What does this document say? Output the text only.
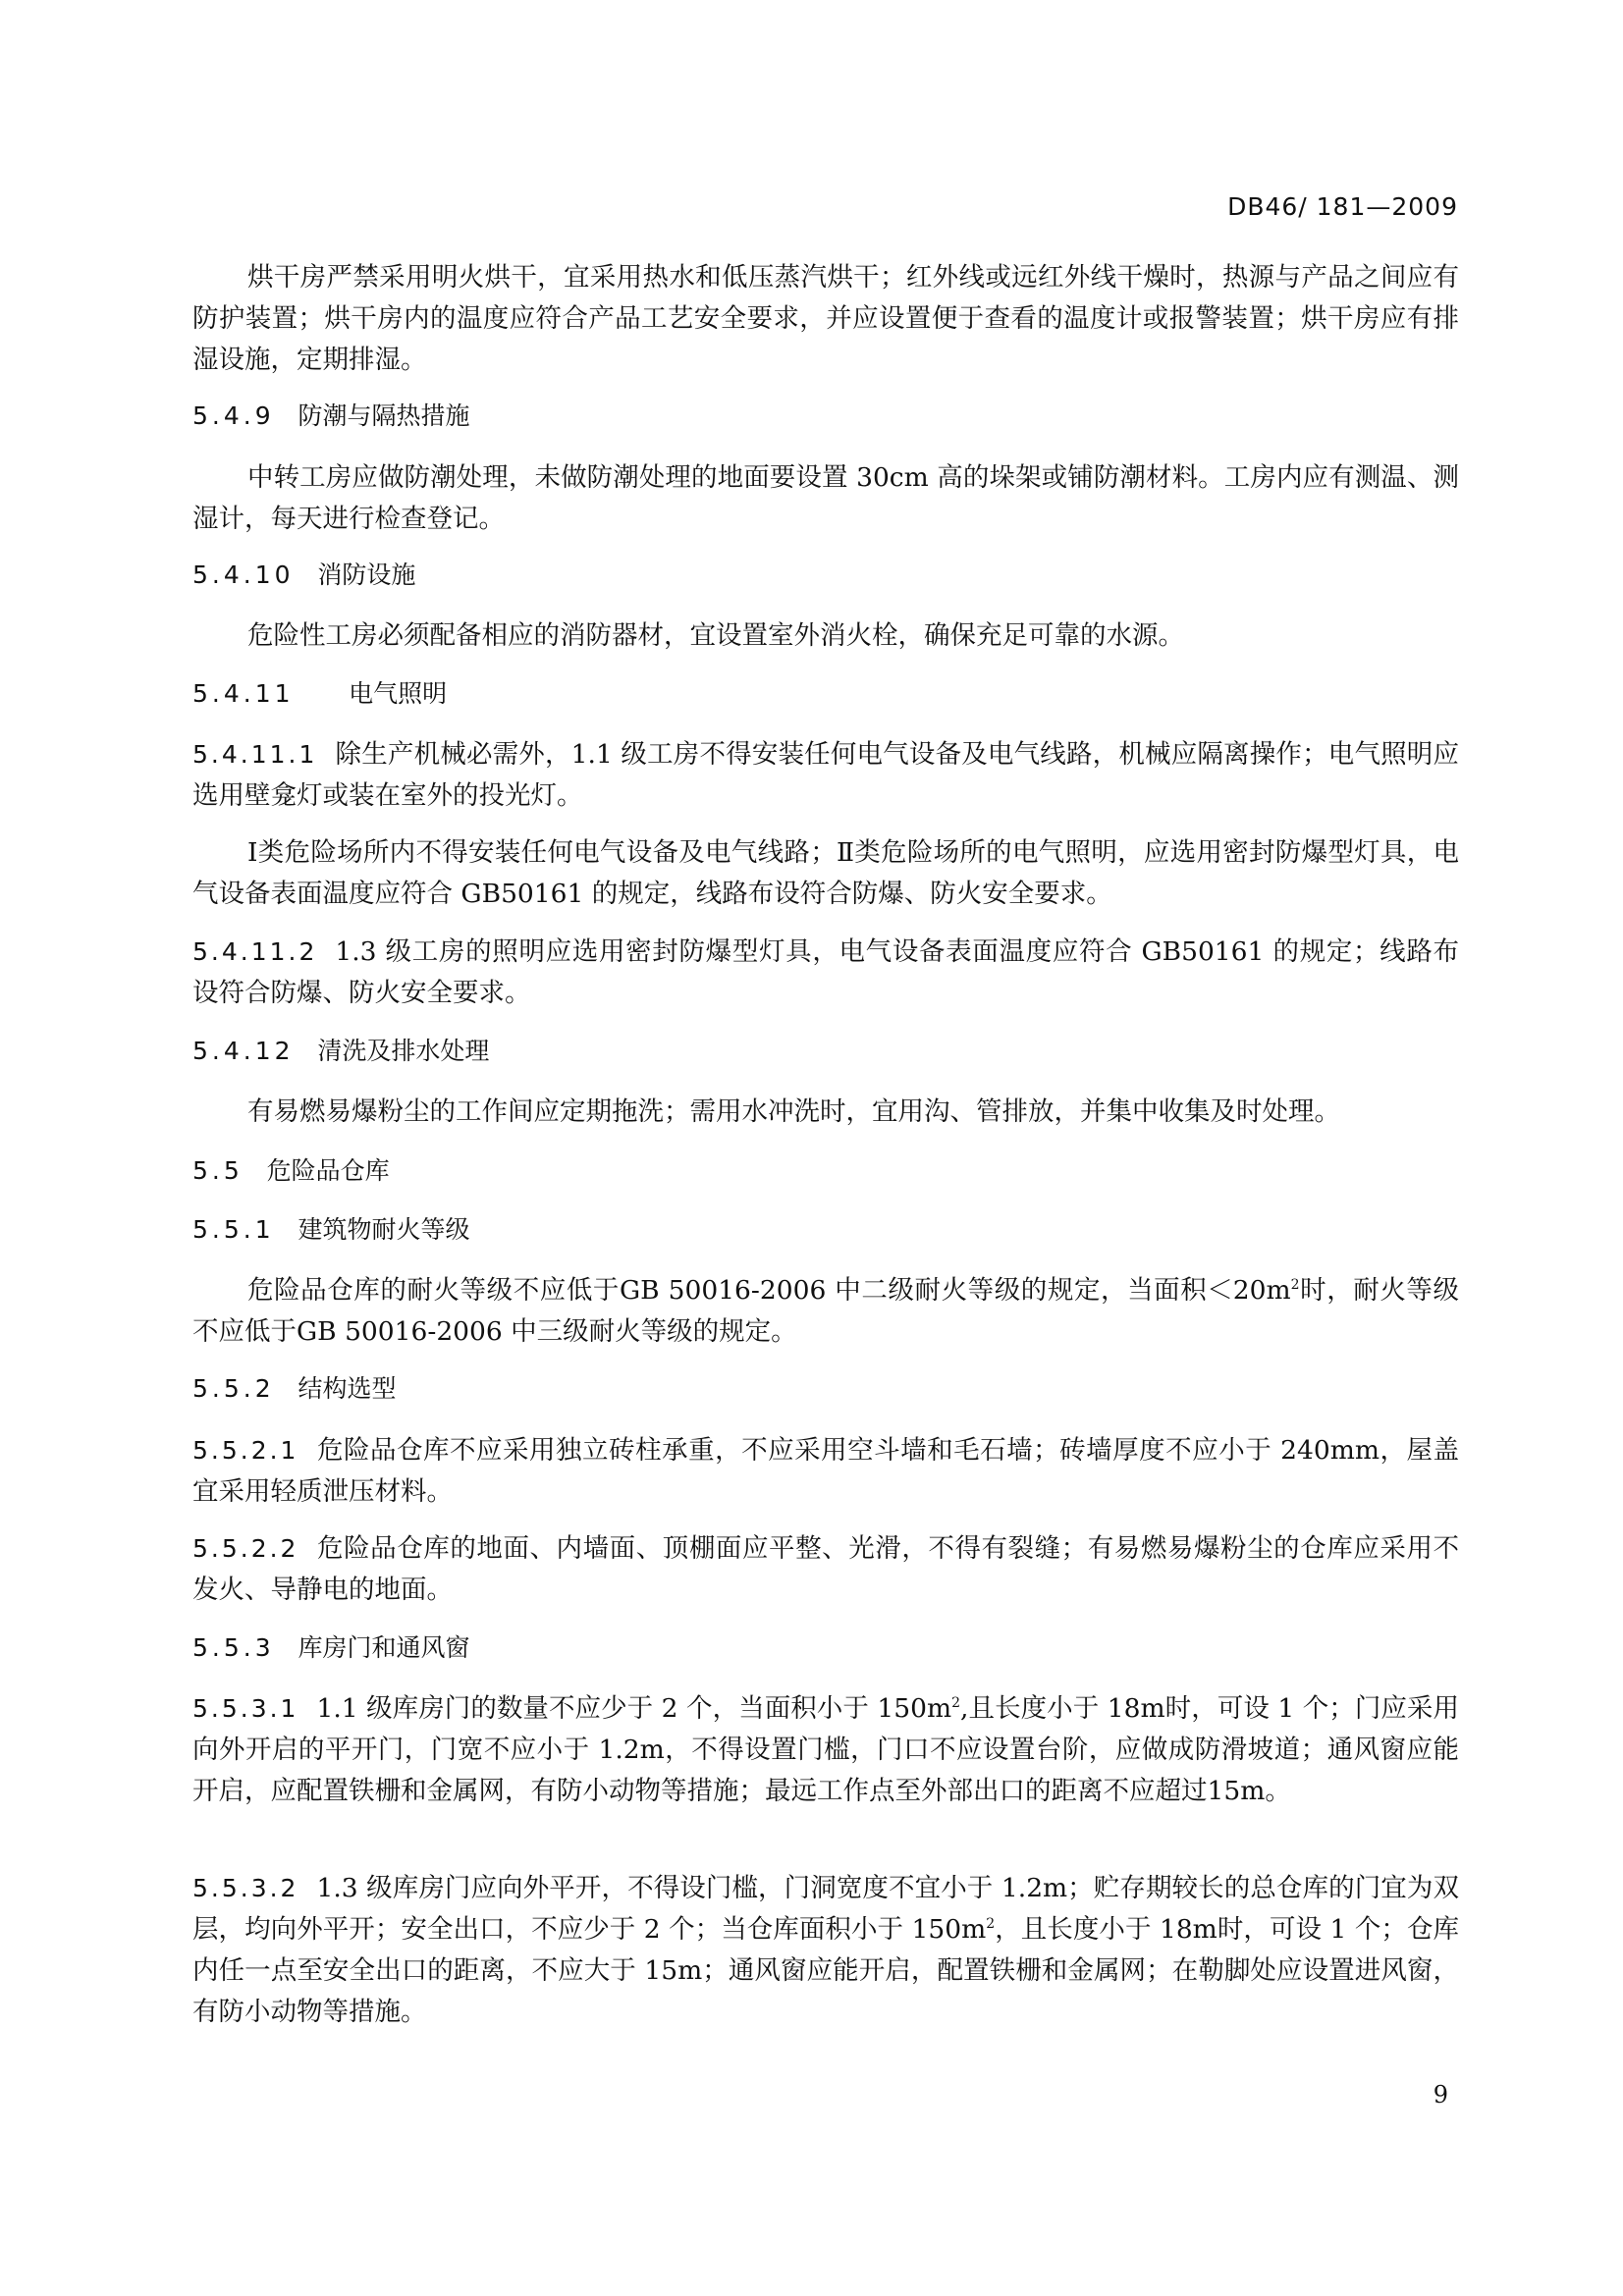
DB46/ 181—2009

烘干房严禁采用明火烘干，宜采用热水和低压蒸汽烘干；红外线或远红外线干燥时，热源与产品之间应有防护装置；烘干房内的温度应符合产品工艺安全要求，并应设置便于查看的温度计或报警装置；烘干房应有排湿设施，定期排湿。

5.4.9 防潮与隔热措施

中转工房应做防潮处理，未做防潮处理的地面要设置 30cm 高的垛架或铺防潮材料。工房内应有测温、测湿计，每天进行检查登记。

5.4.10 消防设施

危险性工房必须配备相应的消防器材，宜设置室外消火栓，确保充足可靠的水源。

5.4.11 电气照明

5.4.11.1 除生产机械必需外，1.1 级工房不得安装任何电气设备及电气线路，机械应隔离操作；电气照明应选用壁龛灯或装在室外的投光灯。

Ⅰ类危险场所内不得安装任何电气设备及电气线路；Ⅱ类危险场所的电气照明，应选用密封防爆型灯具，电气设备表面温度应符合 GB50161 的规定，线路布设符合防爆、防火安全要求。

5.4.11.2 1.3 级工房的照明应选用密封防爆型灯具，电气设备表面温度应符合 GB50161 的规定；线路布设符合防爆、防火安全要求。

5.4.12 清洗及排水处理

有易燃易爆粉尘的工作间应定期拖洗；需用水冲洗时，宜用沟、管排放，并集中收集及时处理。

5.5 危险品仓库

5.5.1 建筑物耐火等级

危险品仓库的耐火等级不应低于GB 50016-2006 中二级耐火等级的规定，当面积$<20m^2$时，耐火等级不应低于GB 50016-2006 中三级耐火等级的规定。

5.5.2 结构选型

5.5.2.1 危险品仓库不应采用独立砖柱承重，不应采用空斗墙和毛石墙；砖墙厚度不应小于 240mm，屋盖宜采用轻质泄压材料。

5.5.2.2 危险品仓库的地面、内墙面、顶棚面应平整、光滑，不得有裂缝；有易燃易爆粉尘的仓库应采用不发火、导静电的地面。

5.5.3 库房门和通风窗

5.5.3.1 1.1 级库房门的数量不应少于 2 个，当面积小于 $150m^2$,且长度小于 18m时，可设 1 个；门应采用向外开启的平开门，门宽不应小于 1.2m，不得设置门槛，门口不应设置台阶，应做成防滑坡道；通风窗应能开启，应配置铁栅和金属网，有防小动物等措施；最远工作点至外部出口的距离不应超过15m。

5.5.3.2 1.3 级库房门应向外平开，不得设门槛，门洞宽度不宜小于 1.2m；贮存期较长的总仓库的门宜为双层，均向外平开；安全出口，不应少于 2 个；当仓库面积小于 $150m^2$，且长度小于 18m时，可设 1 个；仓库内任一点至安全出口的距离，不应大于 15m；通风窗应能开启，配置铁栅和金属网；在勒脚处应设置进风窗，有防小动物等措施。

9
